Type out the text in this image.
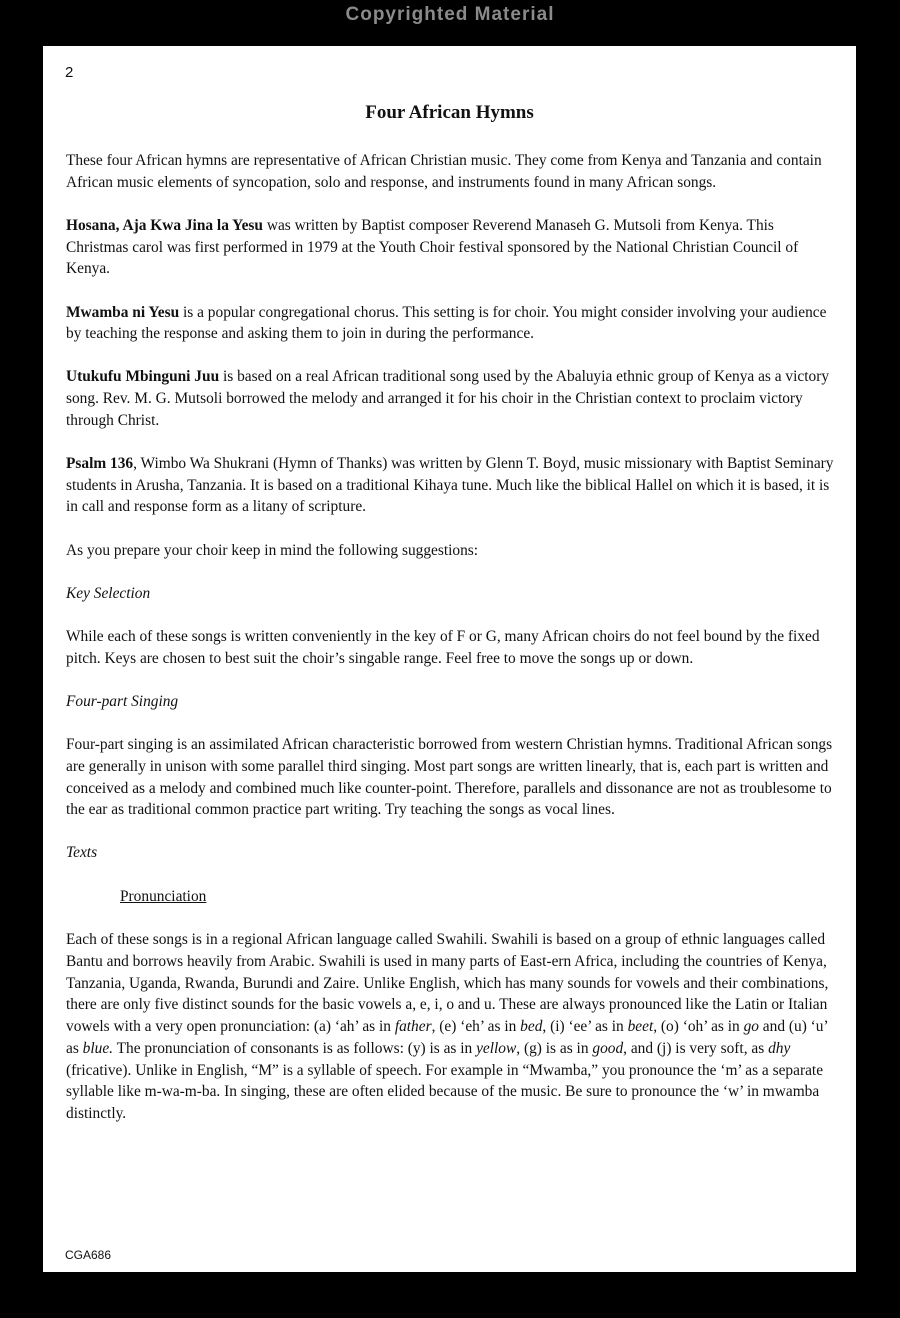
Copyrighted Material
2
Four African Hymns

These four African hymns are representative of African Christian music. They come from Kenya and Tanzania and contain African music elements of syncopation, solo and response, and instruments found in many African songs.

Hosana, Aja Kwa Jina la Yesu was written by Baptist composer Reverend Manaseh G. Mutsoli from Kenya. This Christmas carol was first performed in 1979 at the Youth Choir festival sponsored by the National Christian Council of Kenya.

Mwamba ni Yesu is a popular congregational chorus. This setting is for choir. You might consider involving your audience by teaching the response and asking them to join in during the performance.

Utukufu Mbinguni Juu is based on a real African traditional song used by the Abaluyia ethnic group of Kenya as a victory song. Rev. M. G. Mutsoli borrowed the melody and arranged it for his choir in the Christian context to proclaim victory through Christ.

Psalm 136, Wimbo Wa Shukrani (Hymn of Thanks) was written by Glenn T. Boyd, music missionary with Baptist Seminary students in Arusha, Tanzania. It is based on a traditional Kihaya tune. Much like the biblical Hallel on which it is based, it is in call and response form as a litany of scripture.

As you prepare your choir keep in mind the following suggestions:

Key Selection

While each of these songs is written conveniently in the key of F or G, many African choirs do not feel bound by the fixed pitch. Keys are chosen to best suit the choir’s singable range. Feel free to move the songs up or down.

Four-part Singing

Four-part singing is an assimilated African characteristic borrowed from western Christian hymns. Traditional African songs are generally in unison with some parallel third singing. Most part songs are written linearly, that is, each part is written and conceived as a melody and combined much like counter-point. Therefore, parallels and dissonance are not as troublesome to the ear as traditional common practice part writing. Try teaching the songs as vocal lines.

Texts

Pronunciation

Each of these songs is in a regional African language called Swahili. Swahili is based on a group of ethnic languages called Bantu and borrows heavily from Arabic. Swahili is used in many parts of East-ern Africa, including the countries of Kenya, Tanzania, Uganda, Rwanda, Burundi and Zaire. Unlike English, which has many sounds for vowels and their combinations, there are only five distinct sounds for the basic vowels a, e, i, o and u. These are always pronounced like the Latin or Italian vowels with a very open pronunciation: (a) ‘ah’ as in father, (e) ‘eh’ as in bed, (i) ‘ee’ as in beet, (o) ‘oh’ as in go and (u) ‘u’ as blue. The pronunciation of consonants is as follows: (y) is as in yellow, (g) is as in good, and (j) is very soft, as dhy (fricative). Unlike in English, “M” is a syllable of speech. For example in “Mwamba,” you pronounce the ‘m’ as a separate syllable like m-wa-m-ba. In singing, these are often elided because of the music. Be sure to pronounce the ‘w’ in mwamba distinctly.

CGA686
